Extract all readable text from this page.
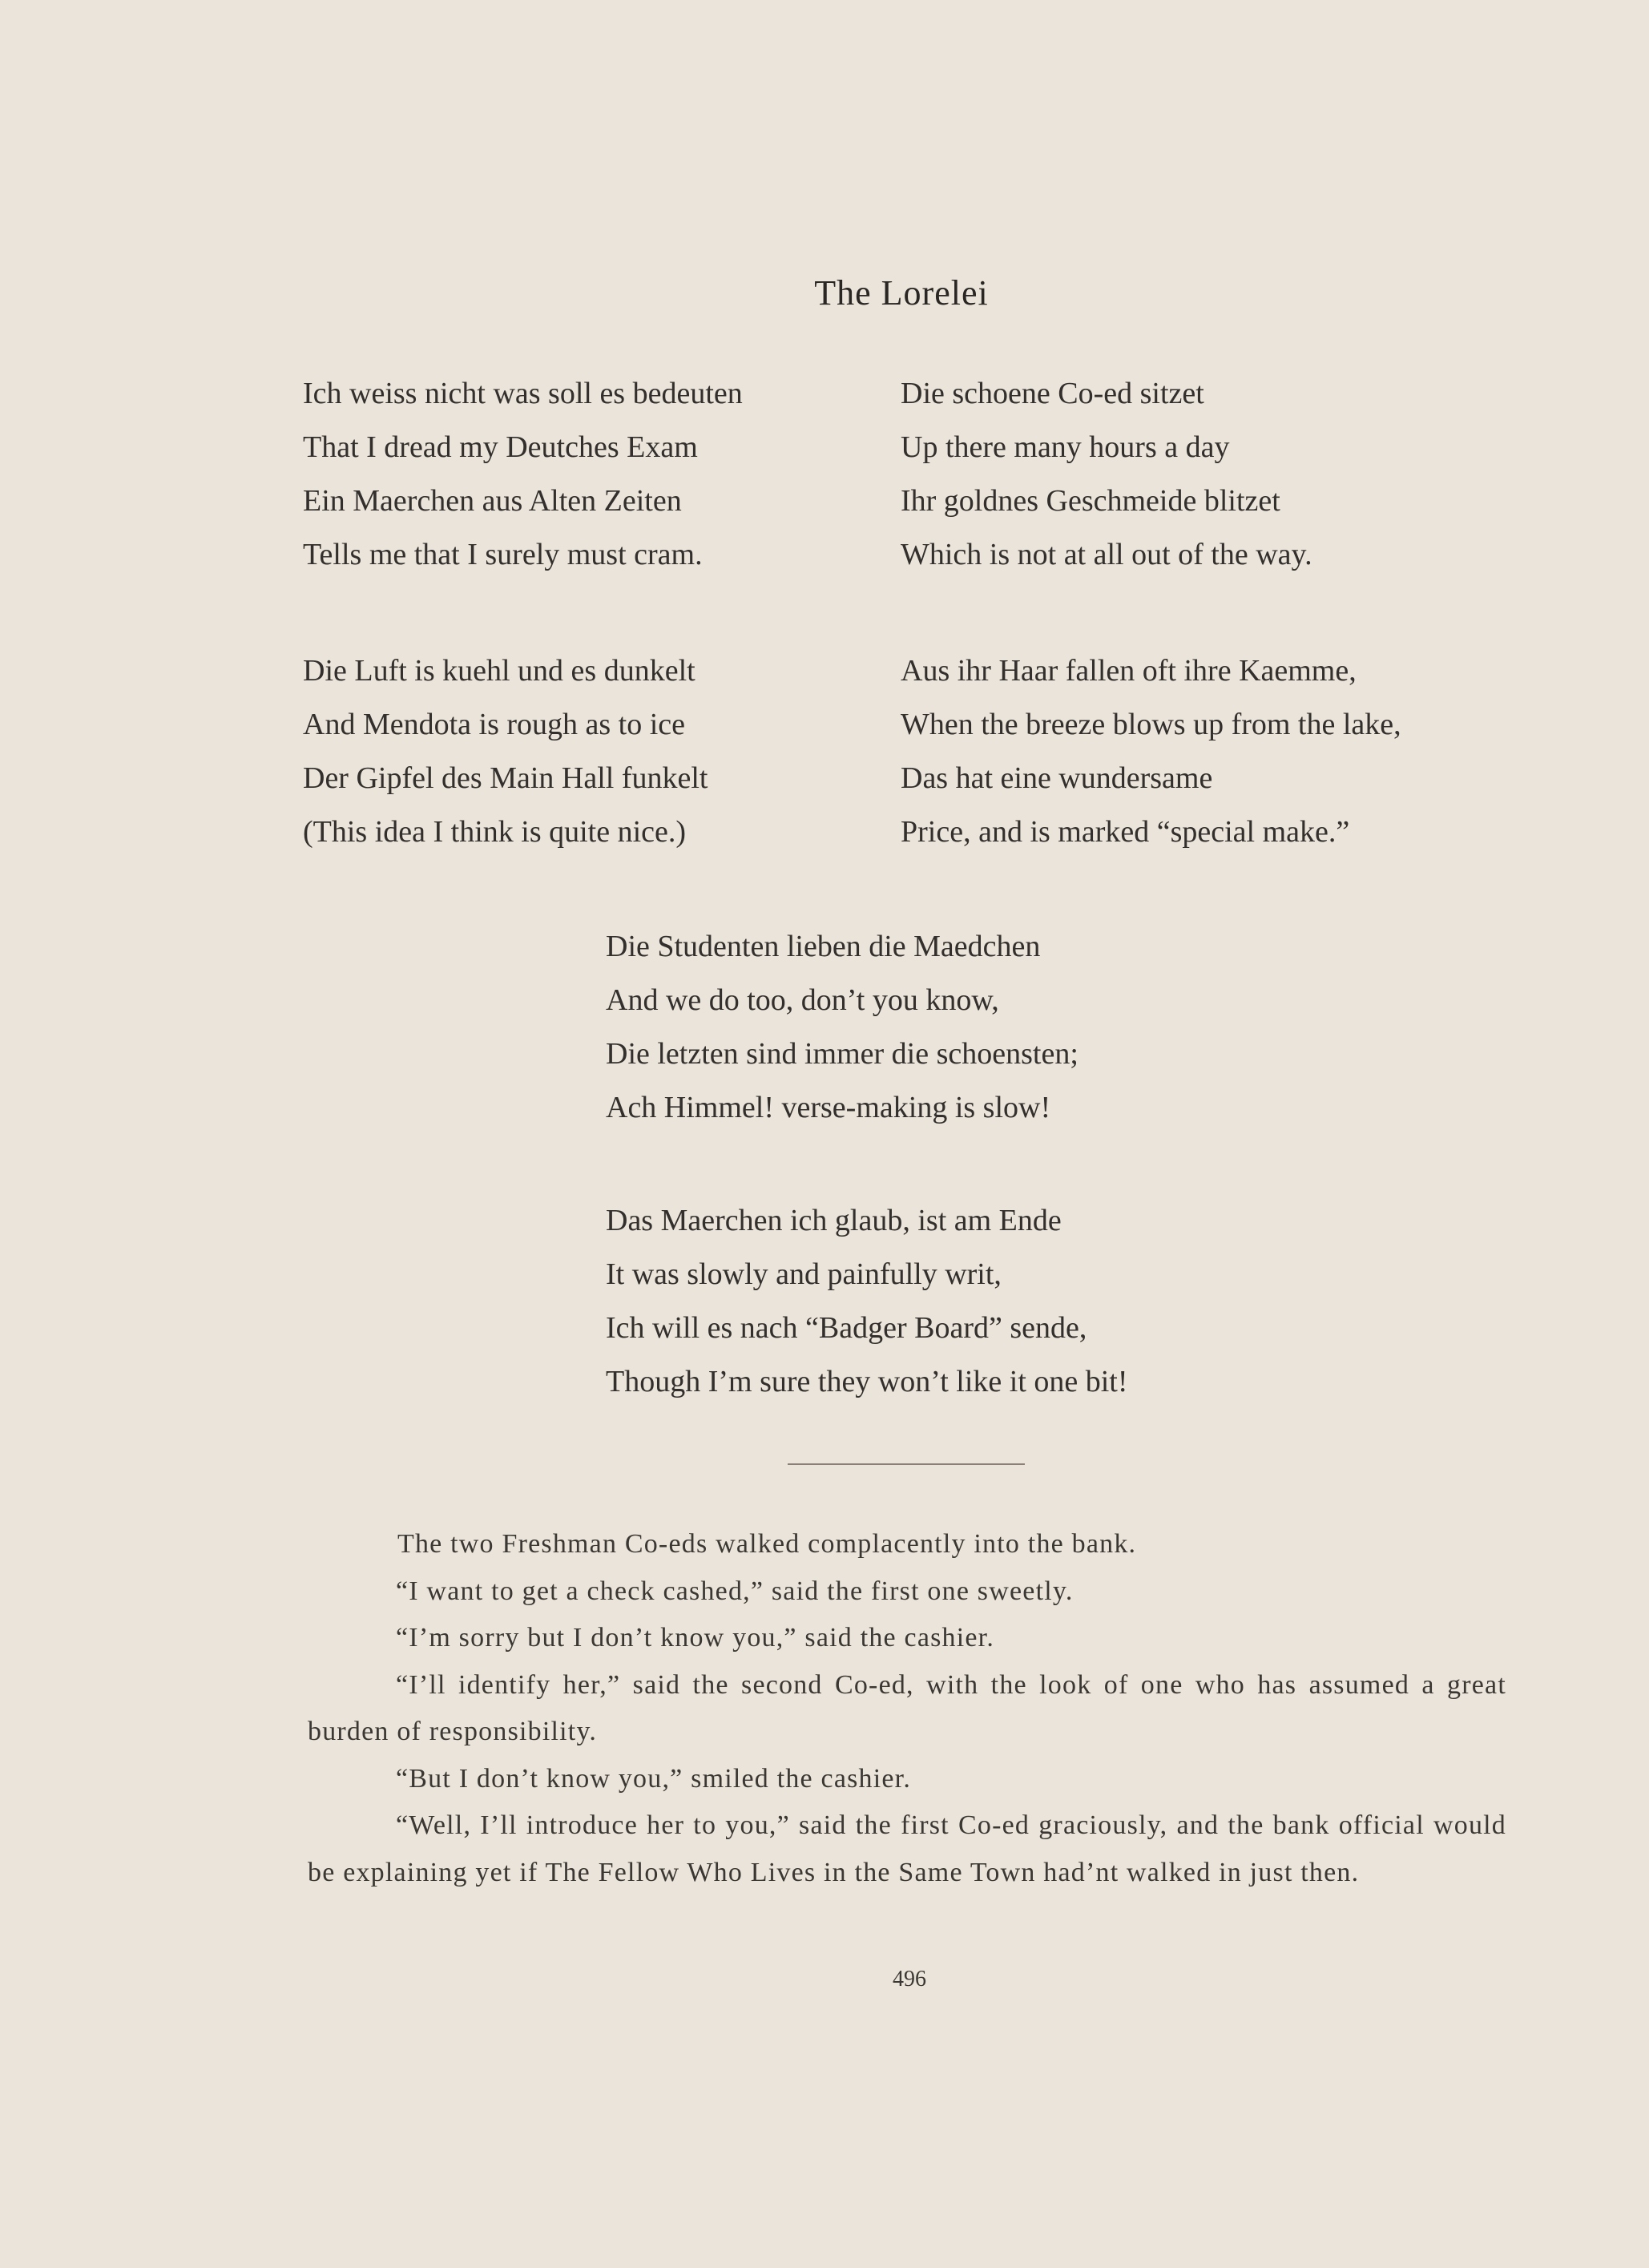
The Lorelei
Ich weiss nicht was soll es bedeuten
That I dread my Deutches Exam
Ein Maerchen aus Alten Zeiten
Tells me that I surely must cram.
Die schoene Co-ed sitzet
Up there many hours a day
Ihr goldnes Geschmeide blitzet
Which is not at all out of the way.
Die Luft is kuehl und es dunkelt
And Mendota is rough as to ice
Der Gipfel des Main Hall funkelt
(This idea I think is quite nice.)
Aus ihr Haar fallen oft ihre Kaemme,
When the breeze blows up from the lake,
Das hat eine wundersame
Price, and is marked “special make.”
Die Studenten lieben die Maedchen
And we do too, don’t you know,
Die letzten sind immer die schoensten;
Ach Himmel! verse-making is slow!
Das Maerchen ich glaub, ist am Ende
It was slowly and painfully writ,
Ich will es nach “Badger Board” sende,
Though I’m sure they won’t like it one bit!
The two Freshman Co-eds walked complacently into the bank.
“I want to get a check cashed,” said the first one sweetly.
“I’m sorry but I don’t know you,” said the cashier.
“I’ll identify her,” said the second Co-ed, with the look of one who has assumed a great burden of responsibility.
“But I don’t know you,” smiled the cashier.
“Well, I’ll introduce her to you,” said the first Co-ed graciously, and the bank official would be explaining yet if The Fellow Who Lives in the Same Town had’nt walked in just then.
496
